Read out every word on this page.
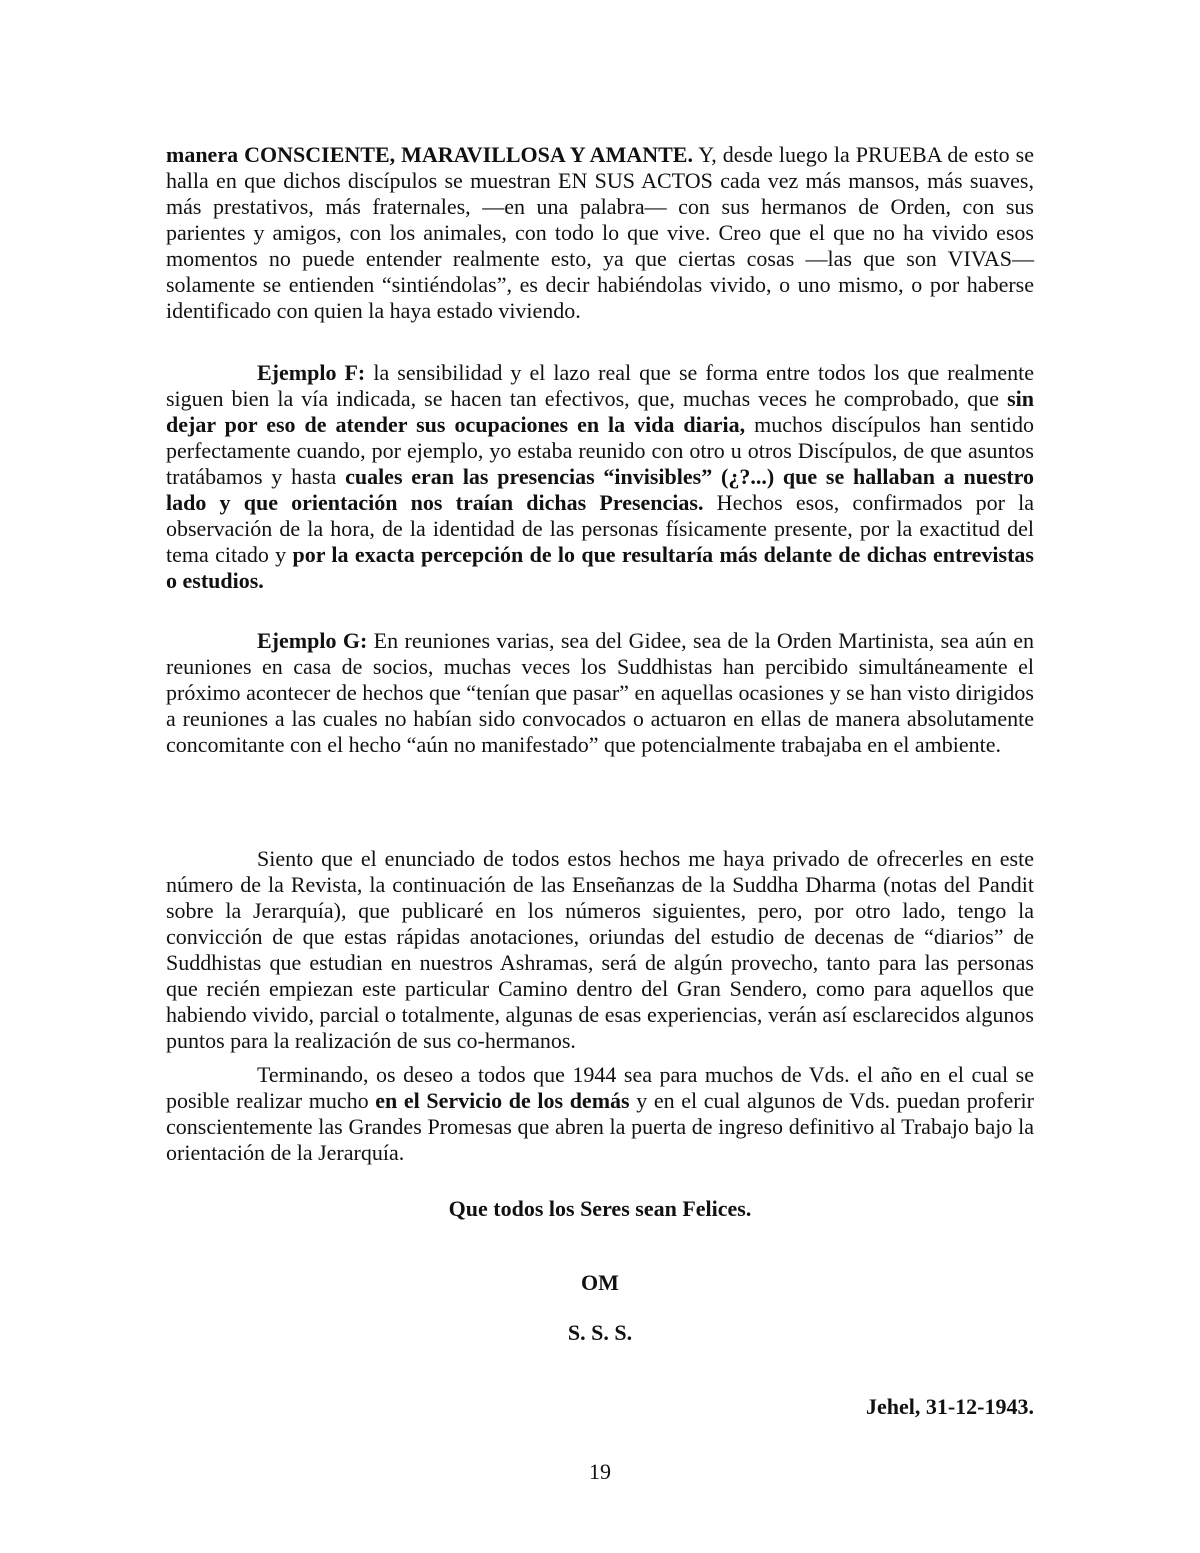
manera CONSCIENTE, MARAVILLOSA Y AMANTE. Y, desde luego la PRUEBA de esto se halla en que dichos discípulos se muestran EN SUS ACTOS cada vez más mansos, más suaves, más prestativos, más fraternales, —en una palabra— con sus hermanos de Orden, con sus parientes y amigos, con los animales, con todo lo que vive. Creo que el que no ha vivido esos momentos no puede entender realmente esto, ya que ciertas cosas —las que son VIVAS— solamente se entienden “sintiéndolas”, es decir habiéndolas vivido, o uno mismo, o por haberse identificado con quien la haya estado viviendo.

Ejemplo F: la sensibilidad y el lazo real que se forma entre todos los que realmente siguen bien la vía indicada, se hacen tan efectivos, que, muchas veces he comprobado, que sin dejar por eso de atender sus ocupaciones en la vida diaria, muchos discípulos han sentido perfectamente cuando, por ejemplo, yo estaba reunido con otro u otros Discípulos, de que asuntos tratábamos y hasta cuales eran las presencias “invisibles” (¿?...) que se hallaban a nuestro lado y que orientación nos traían dichas Presencias. Hechos esos, confirmados por la observación de la hora, de la identidad de las personas físicamente presente, por la exactitud del tema citado y por la exacta percepción de lo que resultaría más delante de dichas entrevistas o estudios.

Ejemplo G: En reuniones varias, sea del Gidee, sea de la Orden Martinista, sea aún en reuniones en casa de socios, muchas veces los Suddhistas han percibido simultáneamente el próximo acontecer de hechos que “tenían que pasar” en aquellas ocasiones y se han visto dirigidos a reuniones a las cuales no habían sido convocados o actuaron en ellas de manera absolutamente concomitante con el hecho “aún no manifestado” que potencialmente trabajaba en el ambiente.

Siento que el enunciado de todos estos hechos me haya privado de ofrecerles en este número de la Revista, la continuación de las Enseñanzas de la Suddha Dharma (notas del Pandit sobre la Jerarquía), que publicaré en los números siguientes, pero, por otro lado, tengo la convicción de que estas rápidas anotaciones, oriundas del estudio de decenas de “diarios” de Suddhistas que estudian en nuestros Ashramas, será de algún provecho, tanto para las personas que recién empiezan este particular Camino dentro del Gran Sendero, como para aquellos que habiendo vivido, parcial o totalmente, algunas de esas experiencias, verán así esclarecidos algunos puntos para la realización de sus co-hermanos.

Terminando, os deseo a todos que 1944 sea para muchos de Vds. el año en el cual se posible realizar mucho en el Servicio de los demás y en el cual algunos de Vds. puedan proferir conscientemente las Grandes Promesas que abren la puerta de ingreso definitivo al Trabajo bajo la orientación de la Jerarquía.

Que todos los Seres sean Felices.

OM

S. S. S.

Jehel, 31-12-1943.

19
